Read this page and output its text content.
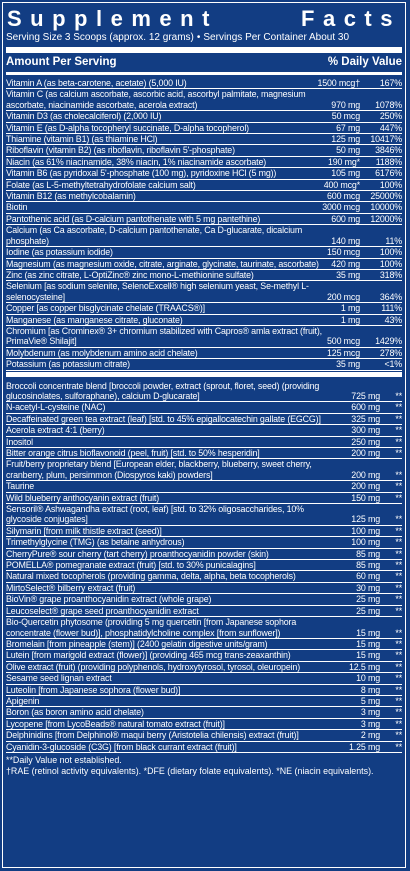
Supplement Facts
Serving Size 3 Scoops (approx. 12 grams) • Servings Per Container About 30
Amount Per Serving	% Daily Value
Vitamin A (as beta-carotene, acetate) (5,000 IU)	1500 mcg†	167%
Vitamin C (as calcium ascorbate, ascorbic acid, ascorbyl palmitate, magnesium ascorbate, niacinamide ascorbate, acerola extract)	970 mg	1078%
Vitamin D3 (as cholecalciferol) (2,000 IU)	50 mcg	250%
Vitamin E (as D-alpha tocopheryl succinate, D-alpha tocopherol)	67 mg	447%
Thiamine (vitamin B1) (as thiamine HCl)	125 mg	10417%
Riboflavin (vitamin B2) (as riboflavin, riboflavin 5'-phosphate)	50 mg	3846%
Niacin (as 61% niacinamide, 38% niacin, 1% niacinamide ascorbate)	190 mg*	1188%
Vitamin B6 (as pyridoxal 5'-phosphate (100 mg), pyridoxine HCl (5 mg))	105 mg	6176%
Folate (as L-5-methyltetrahydrofolate calcium salt)	400 mcg*	100%
Vitamin B12 (as methylcobalamin)	600 mcg	25000%
Biotin	3000 mcg	10000%
Pantothenic acid (as D-calcium pantothenate with 5 mg pantethine)	600 mg	12000%
Calcium (as Ca ascorbate, D-calcium pantothenate, Ca D-glucarate, dicalcium phosphate)	140 mg	11%
Iodine (as potassium iodide)	150 mcg	100%
Magnesium (as magnesium oxide, citrate, arginate, glycinate, taurinate, ascorbate)	420 mg	100%
Zinc (as zinc citrate, L-OptiZinc® zinc mono-L-methionine sulfate)	35 mg	318%
Selenium [as sodium selenite, SelenoExcell® high selenium yeast, Se-methyl L-selenocysteine]	200 mcg	364%
Copper [as copper bisglycinate chelate (TRAACS®)]	1 mg	111%
Manganese (as manganese citrate, gluconate)	1 mg	43%
Chromium [as Crominex® 3+ chromium stabilized with Capros® amla extract (fruit), PrimaVie® Shilajit]	500 mcg	1429%
Molybdenum (as molybdenum amino acid chelate)	125 mcg	278%
Potassium (as potassium citrate)	35 mg	<1%
Broccoli concentrate blend [broccoli powder, extract (sprout, floret, seed) (providing glucosinolates, sulforaphane), calcium D-glucarate]	725 mg	**
N-acetyl-L-cysteine (NAC)	600 mg	**
Decaffeinated green tea extract (leaf) [std. to 45% epigallocatechin gallate (EGCG)]	325 mg	**
Acerola extract 4:1 (berry)	300 mg	**
Inositol	250 mg	**
Bitter orange citrus bioflavonoid (peel, fruit) [std. to 50% hesperidin]	200 mg	**
Fruit/berry proprietary blend [European elder, blackberry, blueberry, sweet cherry, cranberry, plum, persimmon (Diospyros kaki) powders]	200 mg	**
Taurine	200 mg	**
Wild blueberry anthocyanin extract (fruit)	150 mg	**
Sensoril® Ashwagandha extract (root, leaf) [std. to 32% oligosaccharides, 10% glycoside conjugates]	125 mg	**
Silymarin [from milk thistle extract (seed)]	100 mg	**
Trimethylglycine (TMG) (as betaine anhydrous)	100 mg	**
CherryPure® sour cherry (tart cherry) proanthocyanidin powder (skin)	85 mg	**
POMELLA® pomegranate extract (fruit) [std. to 30% punicalagins]	85 mg	**
Natural mixed tocopherols (providing gamma, delta, alpha, beta tocopherols)	60 mg	**
MirtoSelect® bilberry extract (fruit)	30 mg	**
BioVin® grape proanthocyanidin extract (whole grape)	25 mg	**
Leucoselect® grape seed proanthocyanidin extract	25 mg	**
Bio-Quercetin phytosome (providing 5 mg quercetin [from Japanese sophora concentrate (flower bud)], phosphatidylcholine complex [from sunflower])	15 mg	**
Bromelain [from pineapple (stem)] (2400 gelatin digestive units/gram)	15 mg	**
Lutein [from marigold extract (flower)] (providing 465 mcg trans-zeaxanthin)	15 mg	**
Olive extract (fruit) (providing polyphenols, hydroxytyrosol, tyrosol, oleuropein)	12.5 mg	**
Sesame seed lignan extract	10 mg	**
Luteolin [from Japanese sophora (flower bud)]	8 mg	**
Apigenin	5 mg	**
Boron (as boron amino acid chelate)	3 mg	**
Lycopene [from LycoBeads® natural tomato extract (fruit)]	3 mg	**
Delphinidins [from Delphinol® maqui berry (Aristotelia chilensis) extract (fruit)]	2 mg	**
Cyanidin-3-glucoside (C3G) [from black currant extract (fruit)]	1.25 mg	**
**Daily Value not established.
†RAE (retinol activity equivalents). *DFE (dietary folate equivalents). *NE (niacin equivalents).
